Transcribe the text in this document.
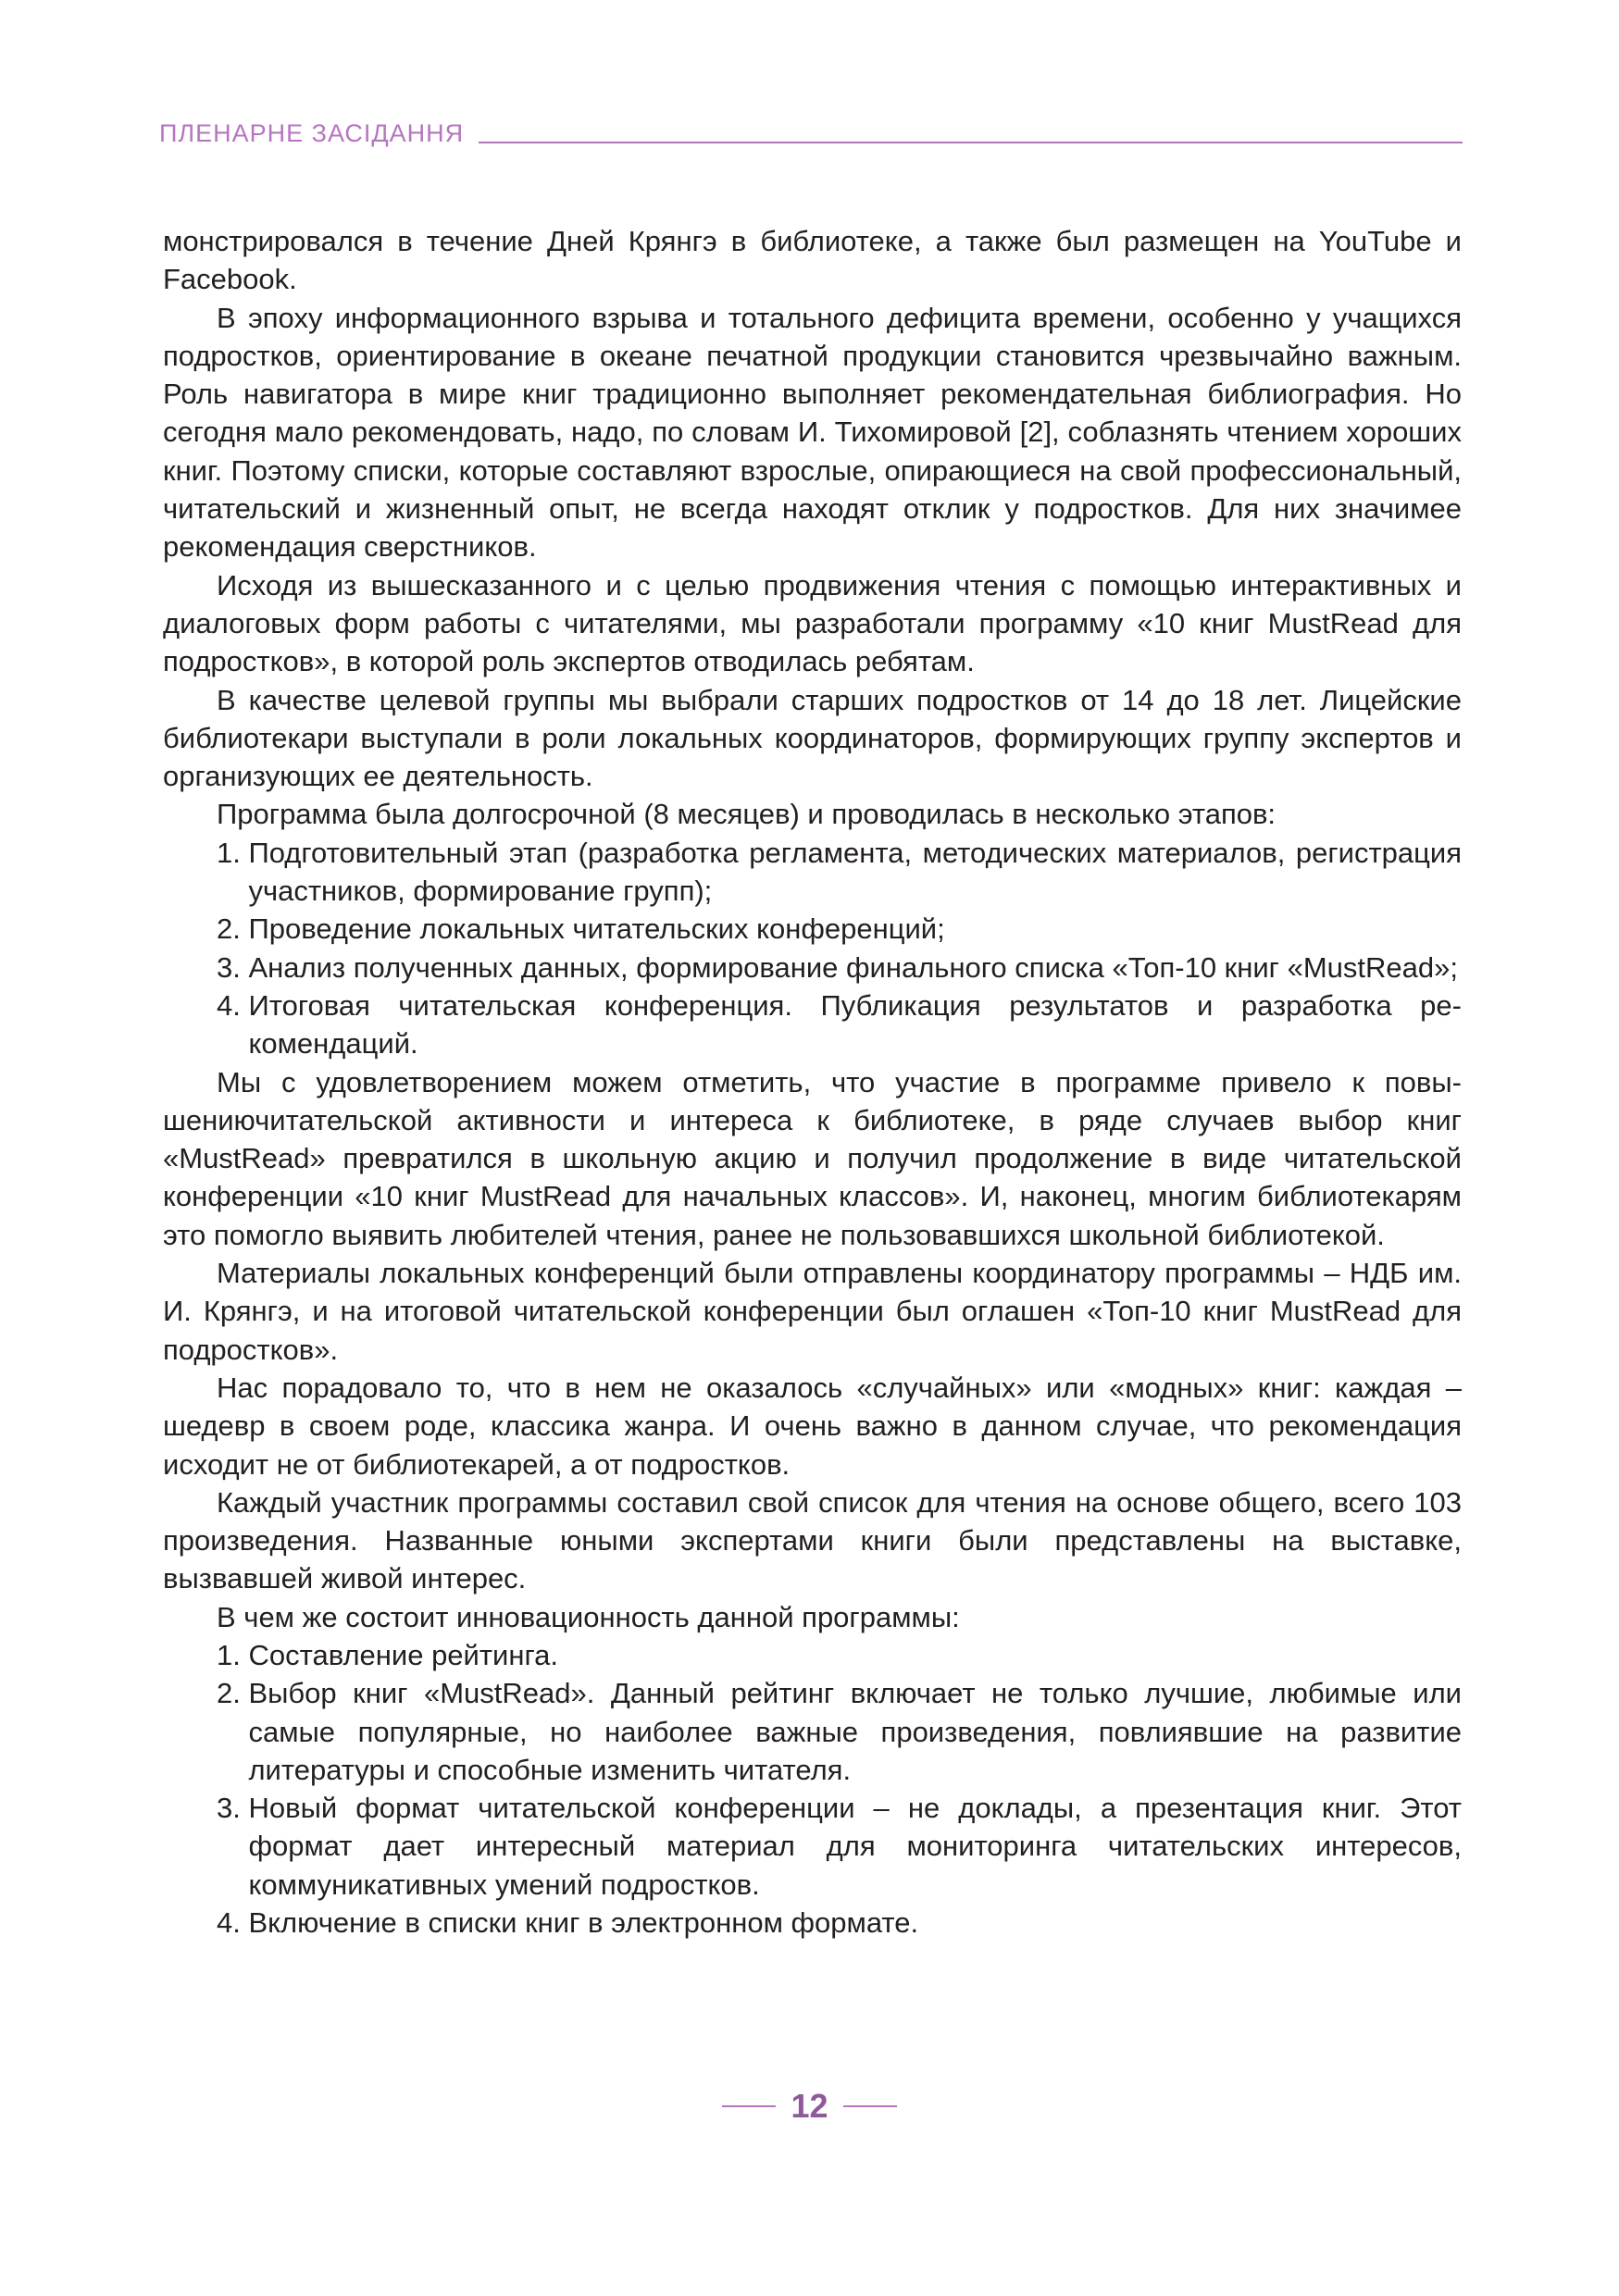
ПЛЕНАРНЕ ЗАСІДАННЯ

монстрировался в течение Дней Крянгэ в библиотеке, а также был размещен на YouTube и Facebook.

В эпоху информационного взрыва и тотального дефицита времени, особенно у учащихся подростков, ориентирование в океане печатной продукции становится чрезвычайно важным. Роль навигатора в мире книг традиционно выполняет рекомендательная библиография. Но сегодня мало рекомендовать, надо, по словам И. Тихомировой [2], соблазнять чтением хороших книг. Поэтому списки, которые составляют взрослые, опирающиеся на свой профессиональный, читательский и жизненный опыт, не всегда находят отклик у подростков. Для них значимее рекомендация сверстников.

Исходя из вышесказанного и с целью продвижения чтения с помощью интерактивных и диалоговых форм работы с читателями, мы разработали программу «10 книг MustRead для подростков», в которой роль экспертов отводилась ребятам.

В качестве целевой группы мы выбрали старших подростков от 14 до 18 лет. Лицейские библиотекари выступали в роли локальных координаторов, формирующих группу экспертов и организующих ее деятельность.

Программа была долгосрочной (8 месяцев) и проводилась в несколько этапов:

1. Подготовительный этап (разработка регламента, методических материалов, регистрация участников, формирование групп);
2. Проведение локальных читательских конференций;
3. Анализ полученных данных, формирование финального списка «Топ-10 книг «MustRead»;
4. Итоговая читательская конференция. Публикация результатов и разработка рекомендаций.

Мы с удовлетворением можем отметить, что участие в программе привело к повышениючитательской активности и интереса к библиотеке, в ряде случаев выбор книг «MustRead» превратился в школьную акцию и получил продолжение в виде читательской конференции «10 книг MustRead для начальных классов». И, наконец, многим библиотекарям это помогло выявить любителей чтения, ранее не пользовавшихся школьной библиотекой.

Материалы локальных конференций были отправлены координатору программы – НДБ им. И. Крянгэ, и на итоговой читательской конференции был оглашен «Топ-10 книг MustRead для подростков».

Нас порадовало то, что в нем не оказалось «случайных» или «модных» книг: каждая – шедевр в своем роде, классика жанра. И очень важно в данном случае, что рекомендация исходит не от библиотекарей, а от подростков.

Каждый участник программы составил свой список для чтения на основе общего, всего 103 произведения. Названные юными экспертами книги были представлены на выставке, вызвавшей живой интерес.

В чем же состоит инновационность данной программы:

1. Составление рейтинга.
2. Выбор книг «MustRead». Данный рейтинг включает не только лучшие, любимые или самые популярные, но наиболее важные произведения, повлиявшие на развитие литературы и способные изменить читателя.
3. Новый формат читательской конференции – не доклады, а презентация книг. Этот формат дает интересный материал для мониторинга читательских интересов, коммуникативных умений подростков.
4. Включение в списки книг в электронном формате.
12
